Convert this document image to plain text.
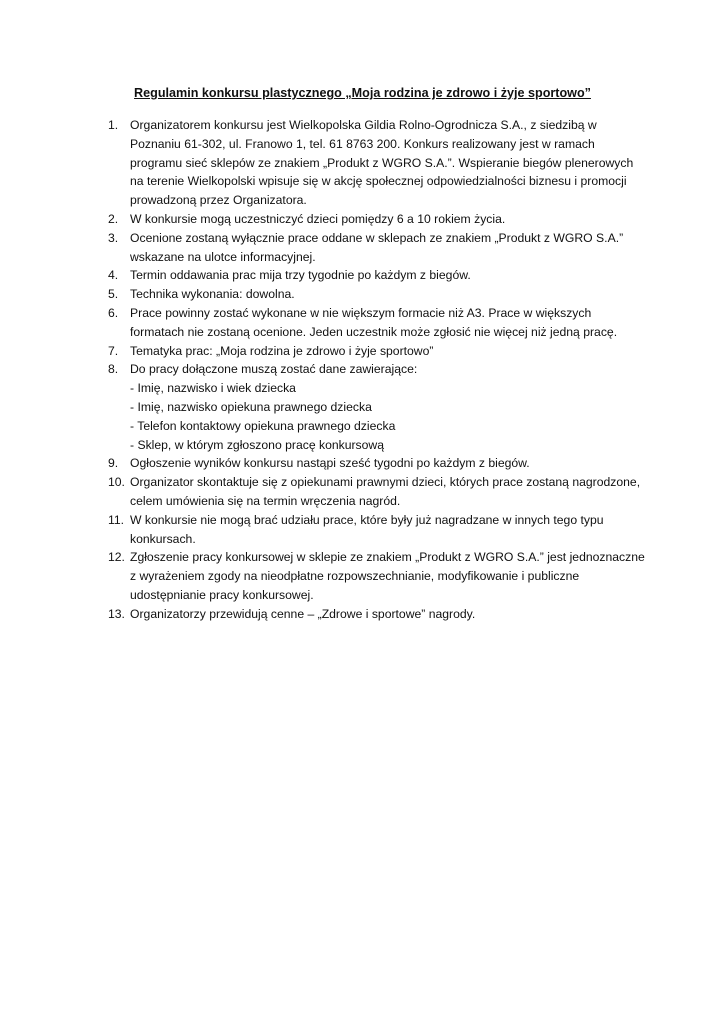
Regulamin konkursu plastycznego „Moja rodzina je zdrowo i żyje sportowo”
1. Organizatorem konkursu jest Wielkopolska Gildia Rolno-Ogrodnicza S.A., z siedzibą w Poznaniu 61-302, ul. Franowo 1, tel. 61 8763 200. Konkurs realizowany jest w ramach programu sieć sklepów ze znakiem „Produkt z WGRO S.A.”. Wspieranie biegów plenerowych na terenie Wielkopolski wpisuje się w akcję społecznej odpowiedzialności biznesu i promocji prowadzoną przez Organizatora.
2. W konkursie mogą uczestniczyć dzieci pomiędzy 6 a 10 rokiem życia.
3. Ocenione zostaną wyłącznie prace oddane w sklepach ze znakiem „Produkt z WGRO S.A.” wskazane na ulotce informacyjnej.
4. Termin oddawania prac mija trzy tygodnie po każdym z biegów.
5. Technika wykonania: dowolna.
6. Prace powinny zostać wykonane w nie większym formacie niż A3. Prace w większych formatach nie zostaną ocenione. Jeden uczestnik może zgłosić nie więcej niż jedną pracę.
7. Tematyka prac: „Moja rodzina je zdrowo i żyje sportowo”
8. Do pracy dołączone muszą zostać dane zawierające:
- Imię, nazwisko i wiek dziecka
- Imię, nazwisko opiekuna prawnego dziecka
- Telefon kontaktowy opiekuna prawnego dziecka
- Sklep, w którym zgłoszono pracę konkursową
9. Ogłoszenie wyników konkursu nastąpi sześć tygodni po każdym z biegów.
10. Organizator skontaktuje się z opiekunami prawnymi dzieci, których prace zostaną nagrodzone, celem umówienia się na termin wręczenia nagród.
11. W konkursie nie mogą brać udziału prace, które były już nagradzane w innych tego typu konkursach.
12. Zgłoszenie pracy konkursowej w sklepie ze znakiem „Produkt z WGRO S.A.” jest jednoznaczne z wyrażeniem zgody na nieodpłatne rozpowszechnianie, modyfikowanie i publiczne udostępnianie pracy konkursowej.
13. Organizatorzy przewidują cenne – „Zdrowe i sportowe” nagrody.
